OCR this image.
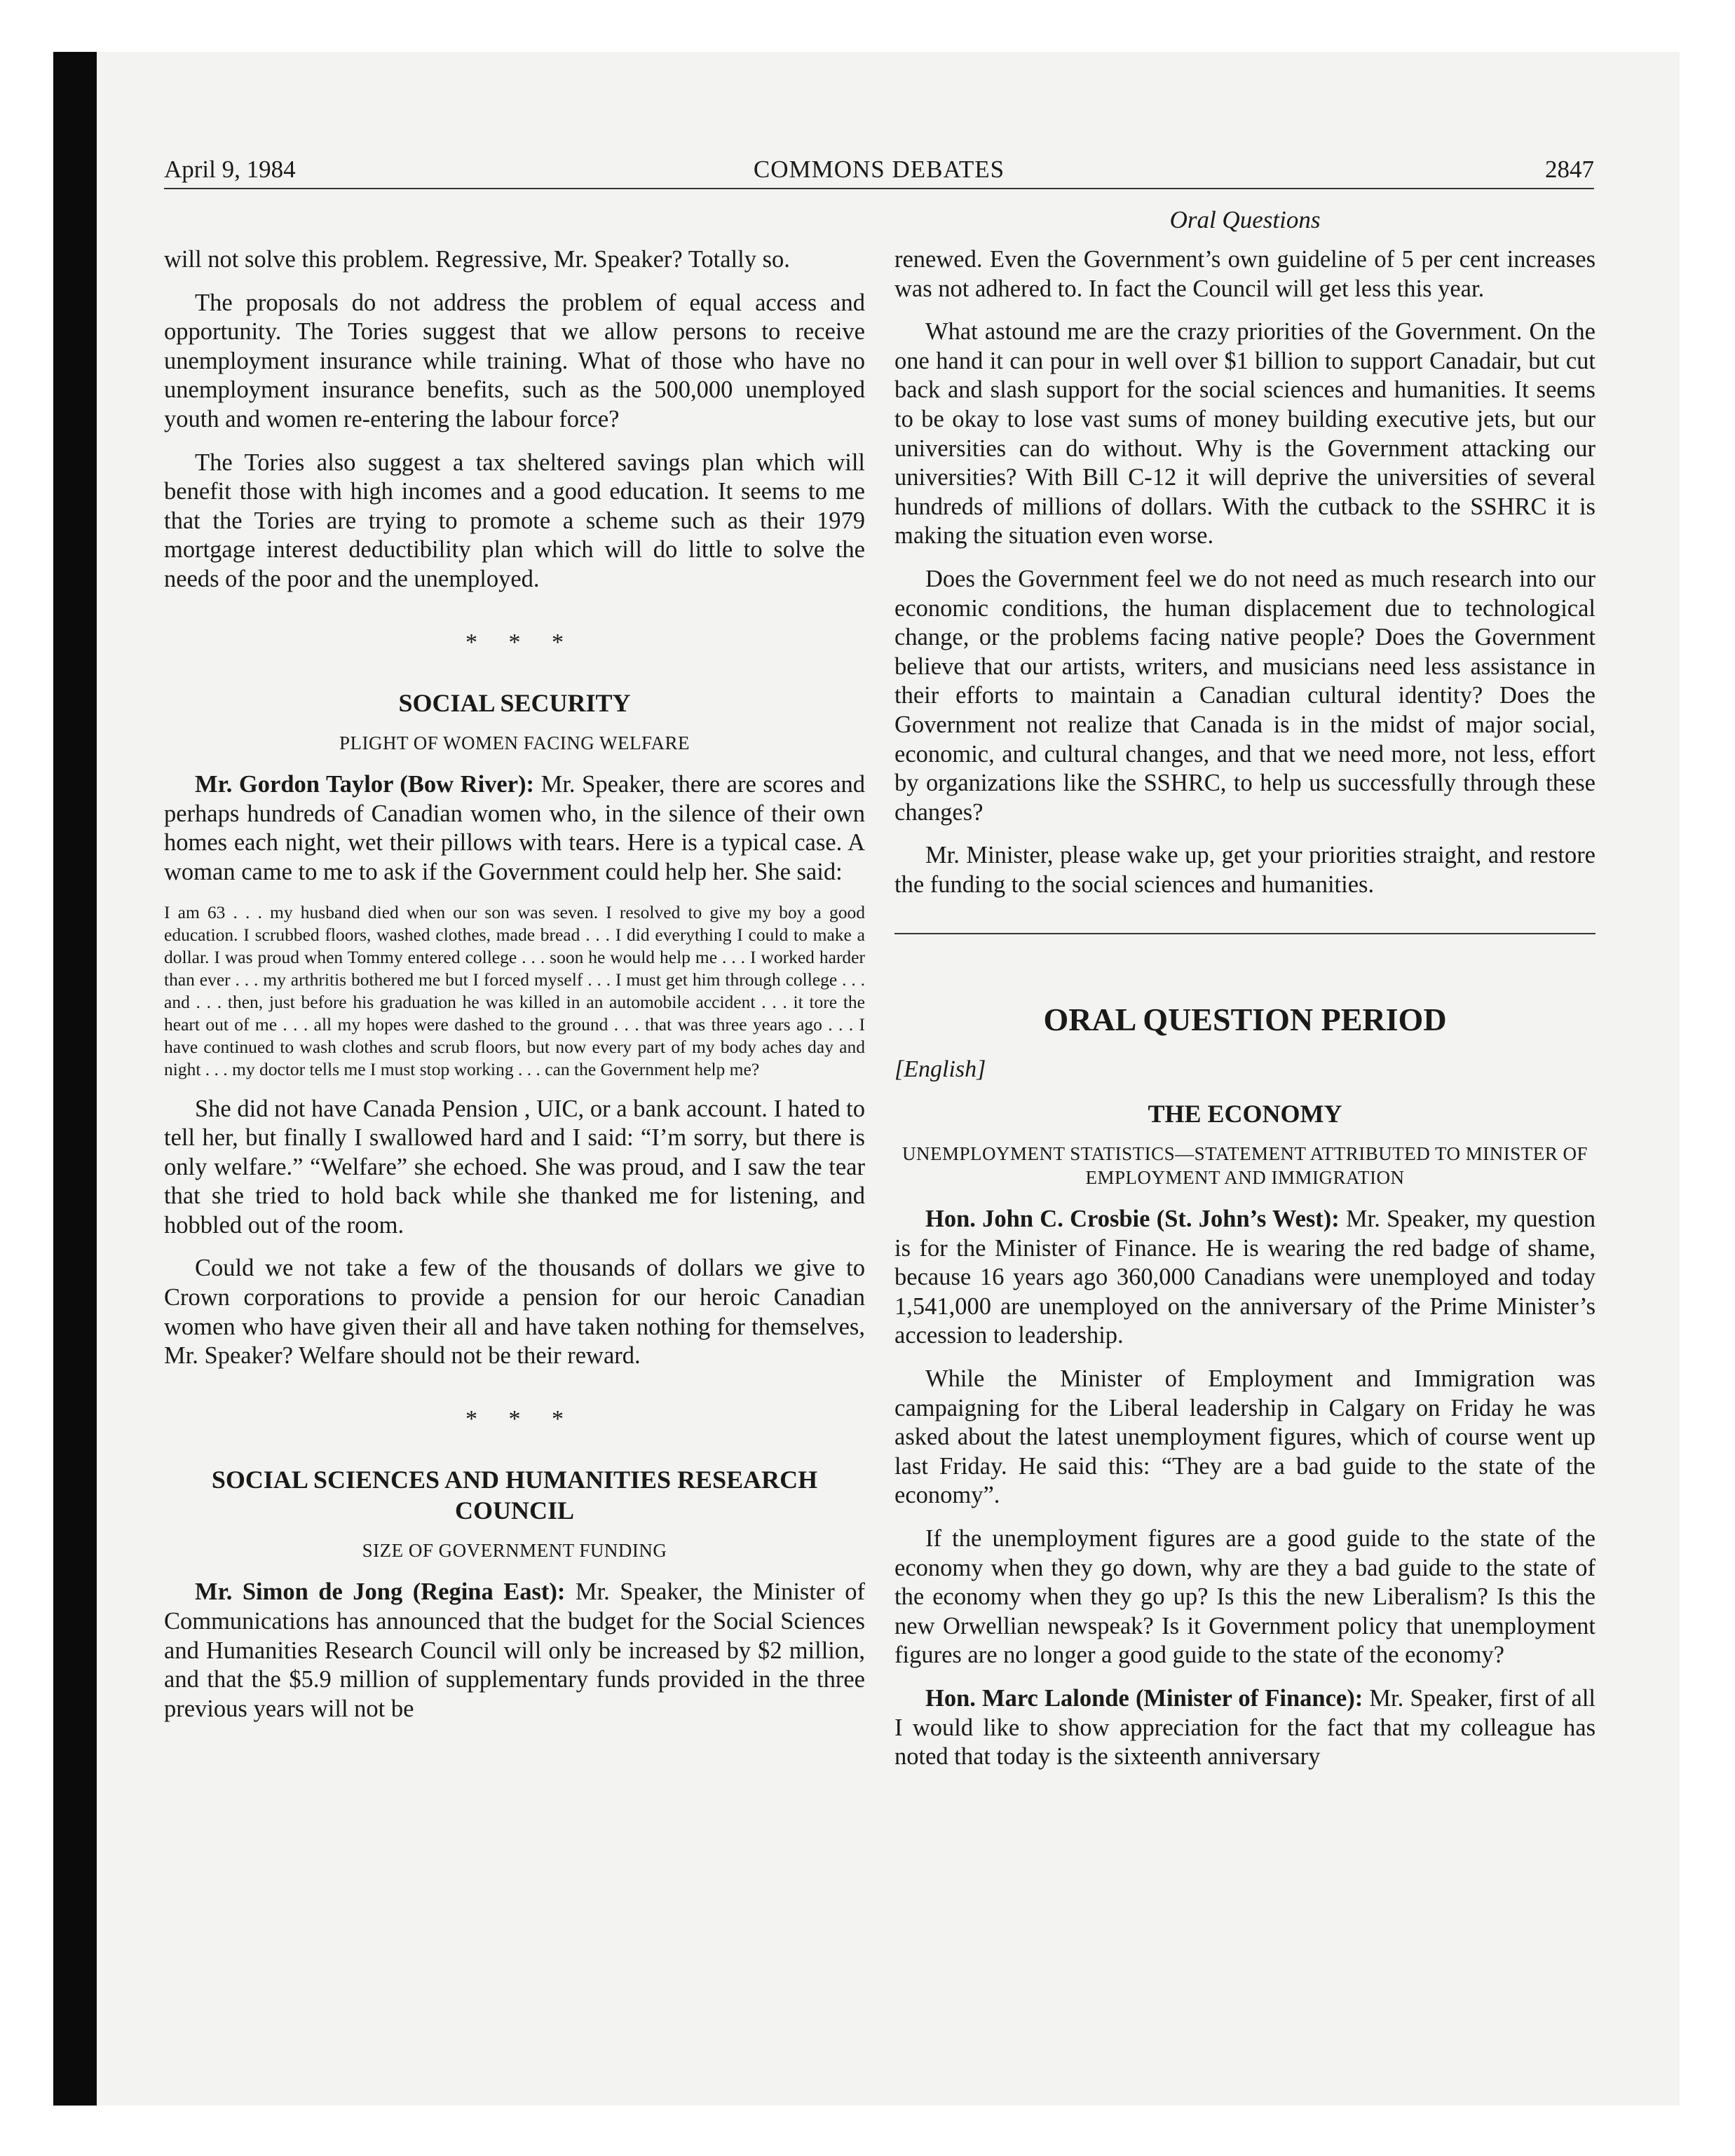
April 9, 1984	COMMONS DEBATES	2847
Oral Questions

will not solve this problem. Regressive, Mr. Speaker? Totally so.

The proposals do not address the problem of equal access and opportunity. The Tories suggest that we allow persons to receive unemployment insurance while training. What of those who have no unemployment insurance benefits, such as the 500,000 unemployed youth and women re-entering the labour force?

The Tories also suggest a tax sheltered savings plan which will benefit those with high incomes and a good education. It seems to me that the Tories are trying to promote a scheme such as their 1979 mortgage interest deductibility plan which will do little to solve the needs of the poor and the unemployed.

* * *
SOCIAL SECURITY
PLIGHT OF WOMEN FACING WELFARE

Mr. Gordon Taylor (Bow River): Mr. Speaker, there are scores and perhaps hundreds of Canadian women who, in the silence of their own homes each night, wet their pillows with tears. Here is a typical case. A woman came to me to ask if the Government could help her. She said:

I am 63 . . . my husband died when our son was seven. I resolved to give my boy a good education. I scrubbed floors, washed clothes, made bread . . . I did everything I could to make a dollar. I was proud when Tommy entered college . . . soon he would help me . . . I worked harder than ever . . . my arthritis bothered me but I forced myself . . . I must get him through college . . . and . . . then, just before his graduation he was killed in an automobile accident . . . it tore the heart out of me . . . all my hopes were dashed to the ground . . . that was three years ago . . . I have continued to wash clothes and scrub floors, but now every part of my body aches day and night . . . my doctor tells me I must stop working . . . can the Government help me?

She did not have Canada Pension , UIC, or a bank account. I hated to tell her, but finally I swallowed hard and I said: “I’m sorry, but there is only welfare.” “Welfare” she echoed. She was proud, and I saw the tear that she tried to hold back while she thanked me for listening, and hobbled out of the room.

Could we not take a few of the thousands of dollars we give to Crown corporations to provide a pension for our heroic Canadian women who have given their all and have taken nothing for themselves, Mr. Speaker? Welfare should not be their reward.

* * *
SOCIAL SCIENCES AND HUMANITIES RESEARCH COUNCIL
SIZE OF GOVERNMENT FUNDING

Mr. Simon de Jong (Regina East): Mr. Speaker, the Minister of Communications has announced that the budget for the Social Sciences and Humanities Research Council will only be increased by $2 million, and that the $5.9 million of supplementary funds provided in the three previous years will not be

renewed. Even the Government’s own guideline of 5 per cent increases was not adhered to. In fact the Council will get less this year.

What astound me are the crazy priorities of the Government. On the one hand it can pour in well over $1 billion to support Canadair, but cut back and slash support for the social sciences and humanities. It seems to be okay to lose vast sums of money building executive jets, but our universities can do without. Why is the Government attacking our universities? With Bill C-12 it will deprive the universities of several hundreds of millions of dollars. With the cutback to the SSHRC it is making the situation even worse.

Does the Government feel we do not need as much research into our economic conditions, the human displacement due to technological change, or the problems facing native people? Does the Government believe that our artists, writers, and musicians need less assistance in their efforts to maintain a Canadian cultural identity? Does the Government not realize that Canada is in the midst of major social, economic, and cultural changes, and that we need more, not less, effort by organizations like the SSHRC, to help us successfully through these changes?

Mr. Minister, please wake up, get your priorities straight, and restore the funding to the social sciences and humanities.

ORAL QUESTION PERIOD

[English]

THE ECONOMY
UNEMPLOYMENT STATISTICS—STATEMENT ATTRIBUTED TO MINISTER OF EMPLOYMENT AND IMMIGRATION

Hon. John C. Crosbie (St. John’s West): Mr. Speaker, my question is for the Minister of Finance. He is wearing the red badge of shame, because 16 years ago 360,000 Canadians were unemployed and today 1,541,000 are unemployed on the anniversary of the Prime Minister’s accession to leadership.

While the Minister of Employment and Immigration was campaigning for the Liberal leadership in Calgary on Friday he was asked about the latest unemployment figures, which of course went up last Friday. He said this: “They are a bad guide to the state of the economy”.

If the unemployment figures are a good guide to the state of the economy when they go down, why are they a bad guide to the state of the economy when they go up? Is this the new Liberalism? Is this the new Orwellian newspeak? Is it Government policy that unemployment figures are no longer a good guide to the state of the economy?

Hon. Marc Lalonde (Minister of Finance): Mr. Speaker, first of all I would like to show appreciation for the fact that my colleague has noted that today is the sixteenth anniversary
